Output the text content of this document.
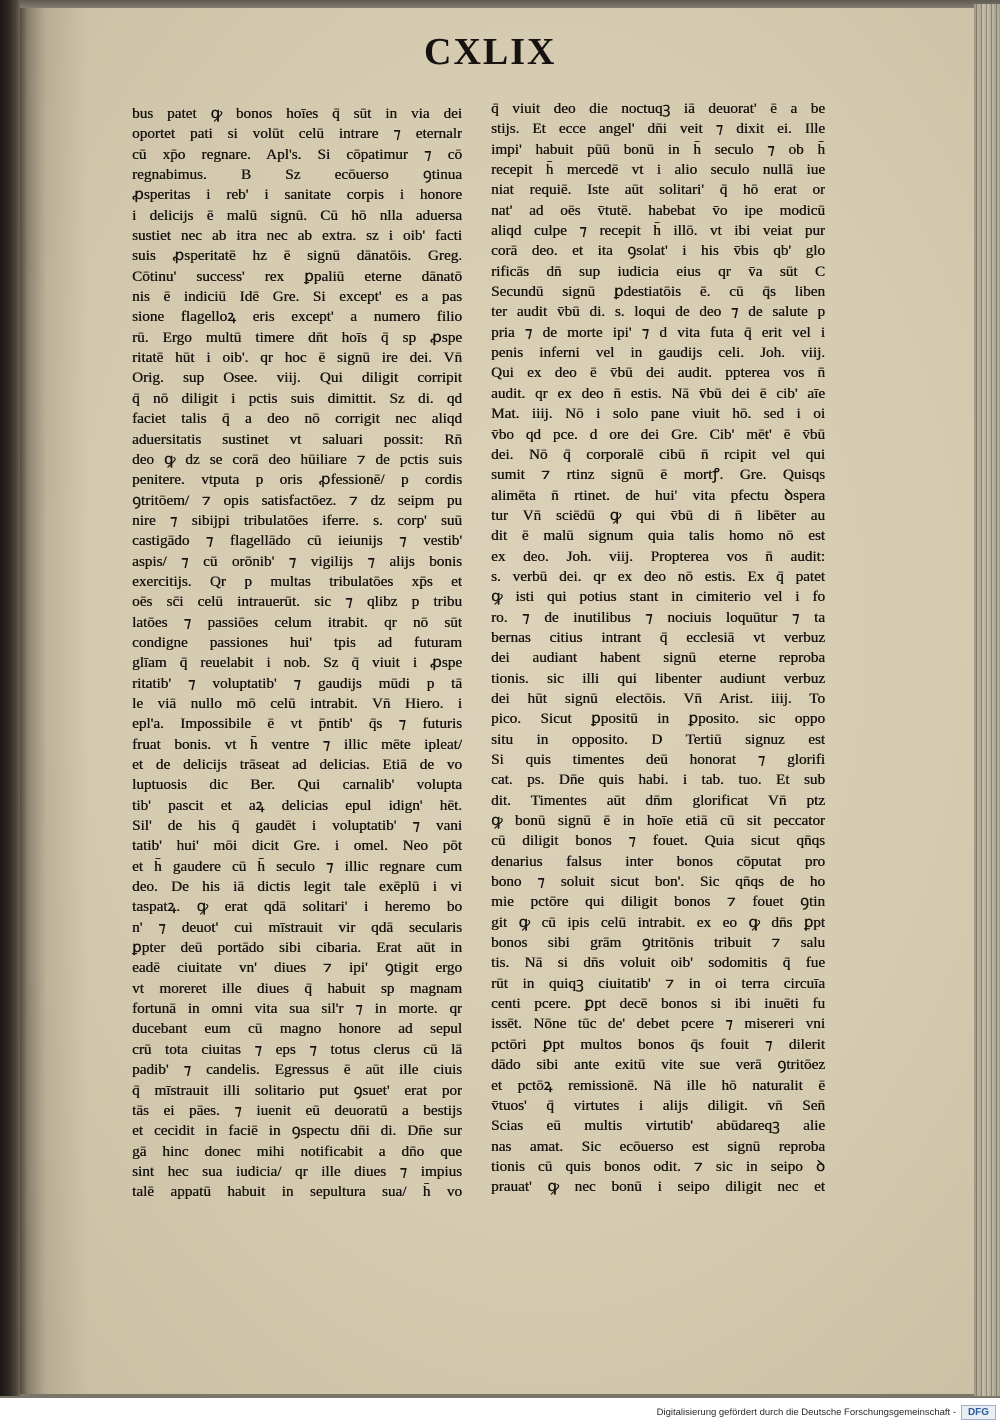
CXLIX
bus patet ꝙ bonos hoīes q̄ sūt in via dei
oportet pati si volūt celū intrare ⁊ eternalr
cū xp̄o regnare. Apl's. Si cōpatimur ⁊ cō
regnabimus. B Sz ecōuerso ꝯtinua
ꝓsperitas i reb' i sanitate corpis i honore
i delicijs ē malū signū. Cū hō nlla aduersa
sustiet nec ab itra nec ab extra. sz i oib' facti
suis ꝓsperitatē hz ē signū dānatōis. Greg.
Cōtinu' success' rex ꝑpaliū eterne dānatō
nis ē indiciū Idē Gre. Si except' es a pas
sione flagelloꝝ eris except' a numero filio
rū. Ergo multū timere dn̄t hoīs q̄ sp ꝓspe
ritatē hūt i oib'. qr hoc ē signū ire dei. Vn̄
Orig. sup Osee. viij. Qui diligit corripit
q̄ nō diligit i pctis suis dimittit. Sz di. qd
faciet talis q̄ a deo nō corrigit nec aliqd
aduersitatis sustinet vt saluari possit: Rn̄
deo ꝙ dz se corā deo hūiliare ⁊ de pctis suis
penitere. vtputa p oris ꝓfessionē/ p cordis
ꝯtritōem/ ⁊ opis satisfactōez. ⁊ dz seipm pu
nire ⁊ sibijpi tribulatōes iferre. s. corp' suū
castigādo ⁊ flagellādo cū ieiunijs ⁊ vestib'
aspis/ ⁊ cū orōnib' ⁊ vigilijs ⁊ alijs bonis
exercitijs. Qr p multas tribulatōes xp̄s et
oēs sc̄i celū intrauerūt. sic ⁊ qlibz p tribu
latōes ⁊ passiōes celum itrabit. qr nō sūt
condigne passiones hui' tpis ad futuram
glīam q̄ reuelabit i nob. Sz q̄ viuit i ꝓspe
ritatib' ⁊ voluptatib' ⁊ gaudijs mūdi p tā
le viā nullo mō celū intrabit. Vn̄ Hiero. i
epl'a. Impossibile ē vt p̄ntib' q̄s ⁊ futuris
fruat bonis. vt h̄ ventre ⁊ illic mēte ipleat/
et de delicijs trāseat ad delicias. Etiā de vo
luptuosis dic Ber. Qui carnalib' volupta
tib' pascit et aꝝ delicias epul idign' hēt.
Sil' de his q̄ gaudēt i voluptatib' ⁊ vani
tatib' hui' mōi dicit Gre. i omel. Neo pōt
et h̄ gaudere cū h̄ seculo ⁊ illic regnare cum
deo. De his iā dictis legit tale exēplū i vi
taspatꝝ. ꝙ erat qdā solitari' i heremo bo
n' ⁊ deuot' cui mīstrauit vir qdā secularis
ꝑpter deū portādo sibi cibaria. Erat aūt in
eadē ciuitate vn' diues ⁊ ipi' ꝯtigit ergo
vt moreret ille diues q̄ habuit sp magnam
fortunā in omni vita sua sil'r ⁊ in morte. qr
ducebant eum cū magno honore ad sepul
crū tota ciuitas ⁊ eps ⁊ totus clerus cū lā
padib' ⁊ candelis. Egressus ē aūt ille ciuis
q̄ mīstrauit illi solitario put ꝯsuet' erat por
tās ei pāes. ⁊ iuenit eū deuoratū a bestijs
et cecidit in faciē in ꝯspectu dn̄i di. Dn̄e sur
gā hinc donec mihi notificabit a dn̄o que
sint hec sua iudicia/ qr ille diues ⁊ impius
talē appatū habuit in sepultura sua/ h̄ vo
q̄ viuit deo die noctuqꝫ iā deuorat' ē a be
stijs. Et ecce angel' dn̄i veit ⁊ dixit ei. Ille
impi' habuit pūū bonū in h̄ seculo ⁊ ob h̄
recepit h̄ mercedē vt i alio seculo nullā iue
niat requiē. Iste aūt solitari' q̄ hō erat or
nat' ad oēs v̄tutē. habebat v̄o ipe modicū
aliqd culpe ⁊ recepit h̄ illō. vt ibi veiat pur
corā deo. et ita ꝯsolat' i his v̄bis qb' glo
rificās dn̄ sup iudicia eius qr v̄a sūt C
Secundū signū ꝑdestiatōis ē. cū q̄s liben
ter audit v̄bū di. s. loqui de deo ⁊ de salute p
pria ⁊ de morte ipi' ⁊ d vita futa q̄ erit vel i
penis inferni vel in gaudijs celi. Joh. viij.
Qui ex deo ē v̄bū dei audit. ppterea vos n̄
audit. qr ex deo n̄ estis. Nā v̄bū dei ē cib' aīe
Mat. iiij. Nō i solo pane viuit hō. sed i oi
v̄bo qd pce. d ore dei Gre. Cib' mēt' ē v̄bū
dei. Nō q̄ corporalē cibū n̄ rcipit vel qui
sumit ⁊ rtinz signū ē mortꝭ. Gre. Quisqs
alimēta n̄ rtinet. de hui' vita pfectu ꝺspera
tur Vn̄ sciēdū ꝙ qui v̄bū di n̄ libēter au
dit ē malū signum quia talis homo nō est
ex deo. Joh. viij. Propterea vos n̄ audit:
s. verbū dei. qr ex deo nō estis. Ex q̄ patet
ꝙ isti qui potius stant in cimiterio vel i fo
ro. ⁊ de inutilibus ⁊ nociuis loquūtur ⁊ ta
bernas citius intrant q̄ ecclesiā vt verbuz
dei audiant habent signū eterne reproba
tionis. sic illi qui libenter audiunt verbuz
dei hūt signū electōis. Vn̄ Arist. iiij. To
pico. Sicut ꝑpositū in ꝑposito. sic oppo
situ in opposito. D Tertiū signuz est
Si quis timentes deū honorat ⁊ glorifi
cat. ps. Dn̄e quis habi. i tab. tuo. Et sub
dit. Timentes aūt dn̄m glorificat Vn̄ ptz
ꝙ bonū signū ē in hoīe etiā cū sit peccator
cū diligit bonos ⁊ fouet. Quia sicut qn̄qs
denarius falsus inter bonos cōputat pro
bono ⁊ soluit sicut bon'. Sic qn̄qs de ho
mie pctōre qui diligit bonos ⁊ fouet ꝯtin
git ꝙ cū ipis celū intrabit. ex eo ꝙ dn̄s ꝑpt
bonos sibi grām ꝯtritōnis tribuit ⁊ salu
tis. Nā si dn̄s voluit oib' sodomitis q̄ fue
rūt in quiqꝫ ciuitatib' ⁊ in oi terra circuīa
centi pcere. ꝑpt decē bonos si ibi inuēti fu
issēt. Nōne tūc de' debet pcere ⁊ misereri vni
pctōri ꝑpt multos bonos q̄s fouit ⁊ dilerit
dādo sibi ante exitū vite sue verā ꝯtritōez
et pctōꝝ remissionē. Nā ille hō naturalit ē
v̄tuos' q̄ virtutes i alijs diligit. vn̄ Sen̄
Scias eū multis virtutib' abūdareqꝫ alie
nas amat. Sic ecōuerso est signū reproba
tionis cū quis bonos odit. ⁊ sic in seipo ꝺ
prauat' ꝙ nec bonū i seipo diligit nec et
Digitalisierung gefördert durch die Deutsche Forschungsgemeinschaft -	DFG
